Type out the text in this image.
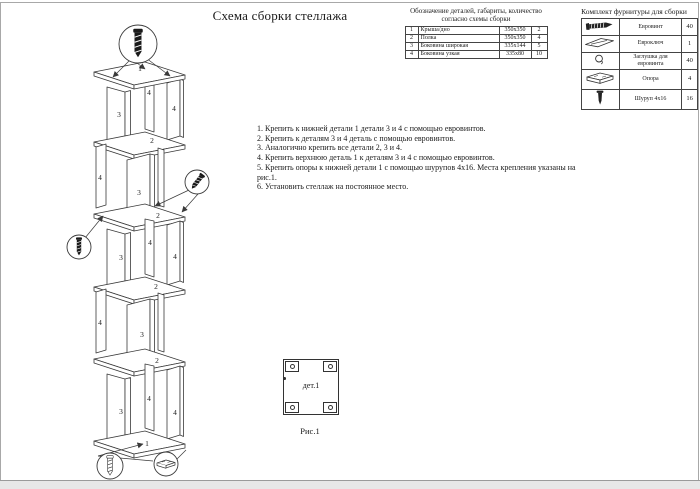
1
4
3
4
2
4
3
2
4
3	4
2
4
3
2
4
3	4
1
Схема сборки стеллажа	Обозначение деталей, габариты, количество
согласно схемы сборки
1	Крыша/дно	350х350	2
2	Полка	350х350	4
3	Боковина широкая	335х144	5
4	Боковина узкая	335х80	10
Комплект фурнитуры для сборки
	Евровинт	40
	Евроключ	1
	Заглушка для евровинта	40
	Опора	4
	Шуруп 4х16	16
1. Крепить к нижней детали 1 детали 3 и 4 с помощью евровинтов.
2. Крепить к деталям 3 и 4 деталь с помощью евровинтов.
3. Аналогично крепить все детали 2, 3 и 4.
4. Крепить верхнюю деталь 1 к деталям 3 и 4 с помощью евровинтов.
5. Крепить опоры к нижней детали 1 с помощью шурупов 4х16. Места крепления указаны на рис.1.
6. Установить стеллаж на постоянное место.
дет.1
Рис.1
